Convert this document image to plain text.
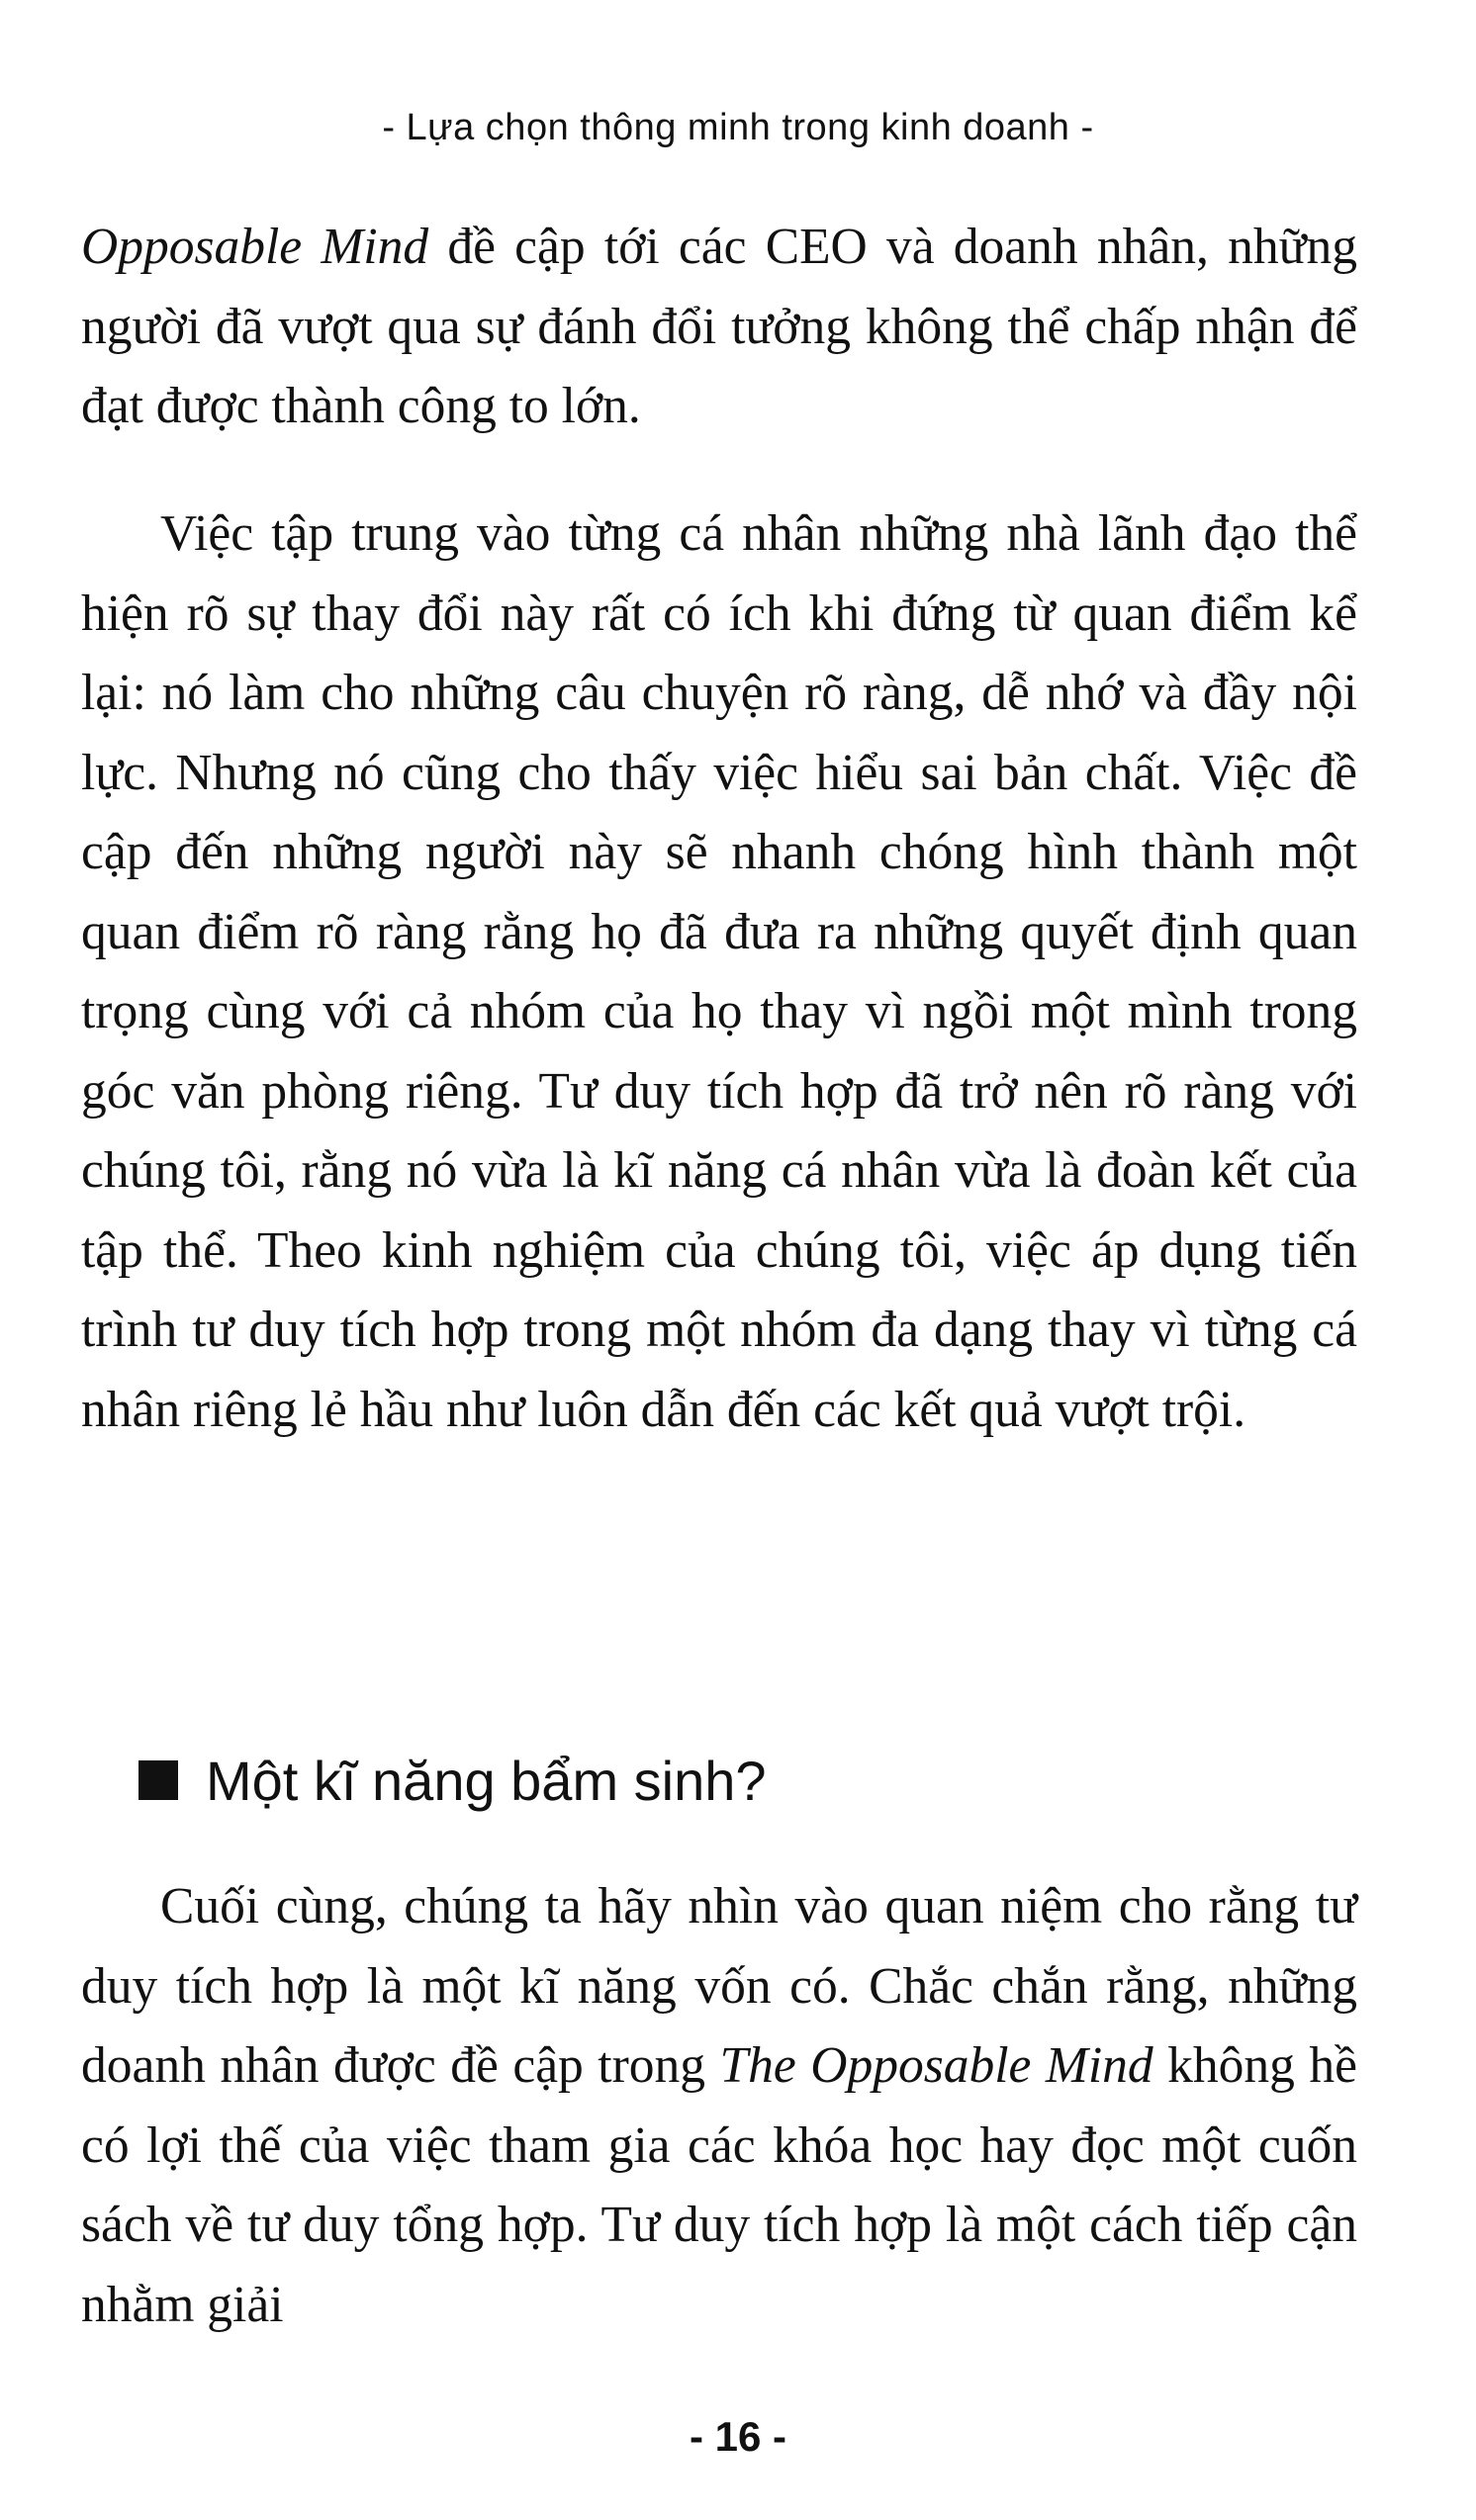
- Lựa chọn thông minh trong kinh doanh -

Opposable Mind đề cập tới các CEO và doanh nhân, những người đã vượt qua sự đánh đổi tưởng không thể chấp nhận để đạt được thành công to lớn.

Việc tập trung vào từng cá nhân những nhà lãnh đạo thể hiện rõ sự thay đổi này rất có ích khi đứng từ quan điểm kể lại: nó làm cho những câu chuyện rõ ràng, dễ nhớ và đầy nội lực. Nhưng nó cũng cho thấy việc hiểu sai bản chất. Việc đề cập đến những người này sẽ nhanh chóng hình thành một quan điểm rõ ràng rằng họ đã đưa ra những quyết định quan trọng cùng với cả nhóm của họ thay vì ngồi một mình trong góc văn phòng riêng. Tư duy tích hợp đã trở nên rõ ràng với chúng tôi, rằng nó vừa là kĩ năng cá nhân vừa là đoàn kết của tập thể. Theo kinh nghiệm của chúng tôi, việc áp dụng tiến trình tư duy tích hợp trong một nhóm đa dạng thay vì từng cá nhân riêng lẻ hầu như luôn dẫn đến các kết quả vượt trội.

Một kĩ năng bẩm sinh?

Cuối cùng, chúng ta hãy nhìn vào quan niệm cho rằng tư duy tích hợp là một kĩ năng vốn có. Chắc chắn rằng, những doanh nhân được đề cập trong The Opposable Mind không hề có lợi thế của việc tham gia các khóa học hay đọc một cuốn sách về tư duy tổng hợp. Tư duy tích hợp là một cách tiếp cận nhằm giải

- 16 -
